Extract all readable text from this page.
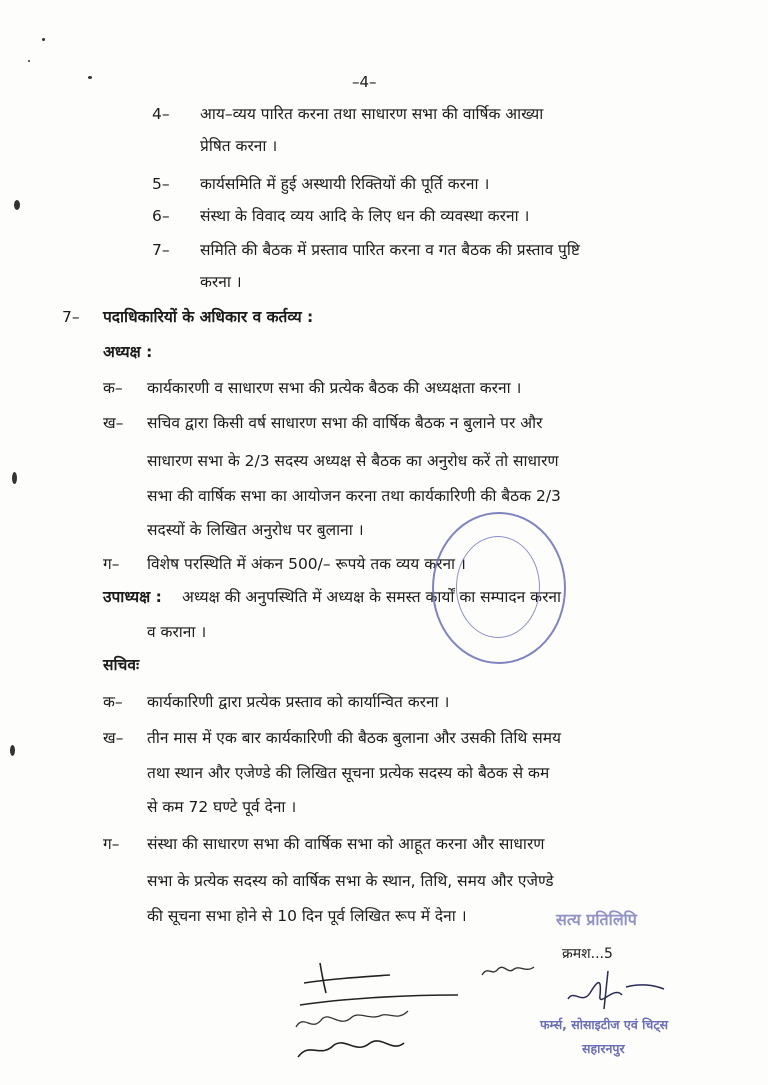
–4–
4– आय–व्यय पारित करना तथा साधारण सभा की वार्षिक आख्या
प्रेषित करना ।
5– कार्यसमिति में हुई अस्थायी रिक्तियों की पूर्ति करना ।
6– संस्था के विवाद व्यय आदि के लिए धन की व्यवस्था करना ।
7– समिति की बैठक में प्रस्ताव पारित करना व गत बैठक की प्रस्ताव पुष्टि
करना ।
7– पदाधिकारियों के अधिकार व कर्तव्य :
अध्यक्ष :
क– कार्यकारणी व साधारण सभा की प्रत्येक बैठक की अध्यक्षता करना ।
ख– सचिव द्वारा किसी वर्ष साधारण सभा की वार्षिक बैठक न बुलाने पर और
साधारण सभा के 2/3 सदस्य अध्यक्ष से बैठक का अनुरोध करें तो साधारण
सभा की वार्षिक सभा का आयोजन करना तथा कार्यकारिणी की बैठक 2/3
सदस्यों के लिखित अनुरोध पर बुलाना ।
ग– विशेष परस्थिति में अंकन 500/– रूपये तक व्यय करना ।
उपाध्यक्ष : अध्यक्ष की अनुपस्थिति में अध्यक्ष के समस्त कार्यों का सम्पादन करना
व कराना ।
सचिवः
क– कार्यकारिणी द्वारा प्रत्येक प्रस्ताव को कार्यान्वित करना ।
ख– तीन मास में एक बार कार्यकारिणी की बैठक बुलाना और उसकी तिथि समय
तथा स्थान और एजेण्डे की लिखित सूचना प्रत्येक सदस्य को बैठक से कम
से कम 72 घण्टे पूर्व देना ।
ग– संस्था की साधारण सभा की वार्षिक सभा को आहूत करना और साधारण
सभा के प्रत्येक सदस्य को वार्षिक सभा के स्थान, तिथि, समय और एजेण्डे
की सूचना सभा होने से 10 दिन पूर्व लिखित रूप में देना ।
क्रमश...5
सत्य प्रतिलिपि
फर्म्स, सोसाइटीज एवं चिट्स
सहारनपुर
